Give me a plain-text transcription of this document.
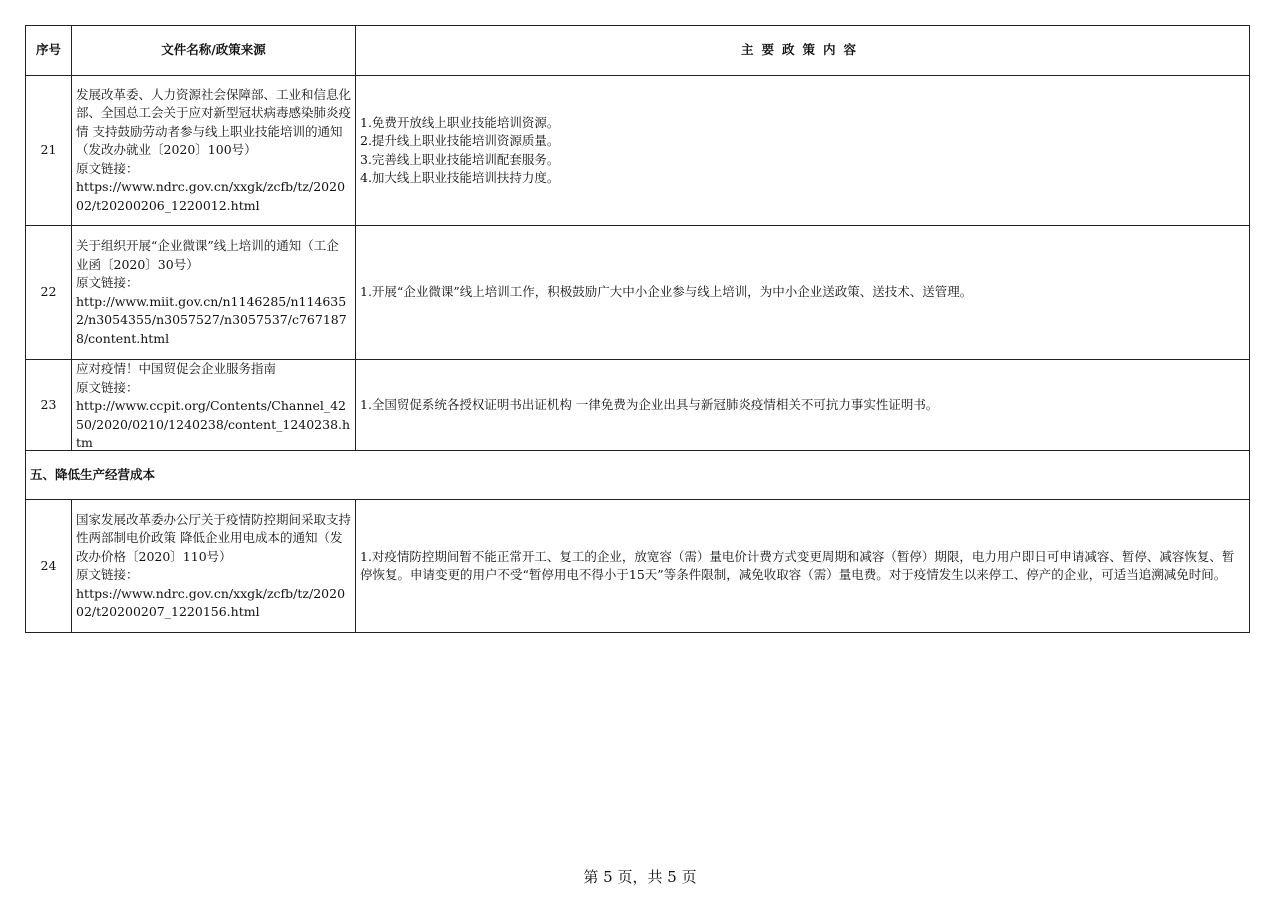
序号	文件名称/政策来源	主要政策内容
21	发展改革委、人力资源社会保障部、工业和信息化部、全国总工会关于应对新型冠状病毒感染肺炎疫情 支持鼓励劳动者参与线上职业技能培训的通知（发改办就业〔2020〕100号）
原文链接：
https://www.ndrc.gov.cn/xxgk/zcfb/tz/202002/t20200206_1220012.html	1.免费开放线上职业技能培训资源。
2.提升线上职业技能培训资源质量。
3.完善线上职业技能培训配套服务。
4.加大线上职业技能培训扶持力度。

22	关于组织开展“企业微课”线上培训的通知（工企业函〔2020〕30号）
原文链接：
http://www.miit.gov.cn/n1146285/n1146352/n3054355/n3057527/n3057537/c7671878/content.html	1.开展“企业微课”线上培训工作，积极鼓励广大中小企业参与线上培训，为中小企业送政策、送技术、送管理。

23	应对疫情！中国贸促会企业服务指南
原文链接：
http://www.ccpit.org/Contents/Channel_4250/2020/0210/1240238/content_1240238.htm	1.全国贸促系统各授权证明书出证机构 一律免费为企业出具与新冠肺炎疫情相关不可抗力事实性证明书。

五、降低生产经营成本		
24	国家发展改革委办公厅关于疫情防控期间采取支持性两部制电价政策 降低企业用电成本的通知（发改办价格〔2020〕110号）
原文链接：
https://www.ndrc.gov.cn/xxgk/zcfb/tz/202002/t20200207_1220156.html	1.对疫情防控期间暂不能正常开工、复工的企业，放宽容（需）量电价计费方式变更周期和减容（暂停）期限，电力用户即日可申请减容、暂停、减容恢复、暂停恢复。申请变更的用户不受“暂停用电不得小于15天”等条件限制，减免收取容（需）量电费。对于疫情发生以来停工、停产的企业，可适当追溯减免时间。
第 5 页，共 5 页
